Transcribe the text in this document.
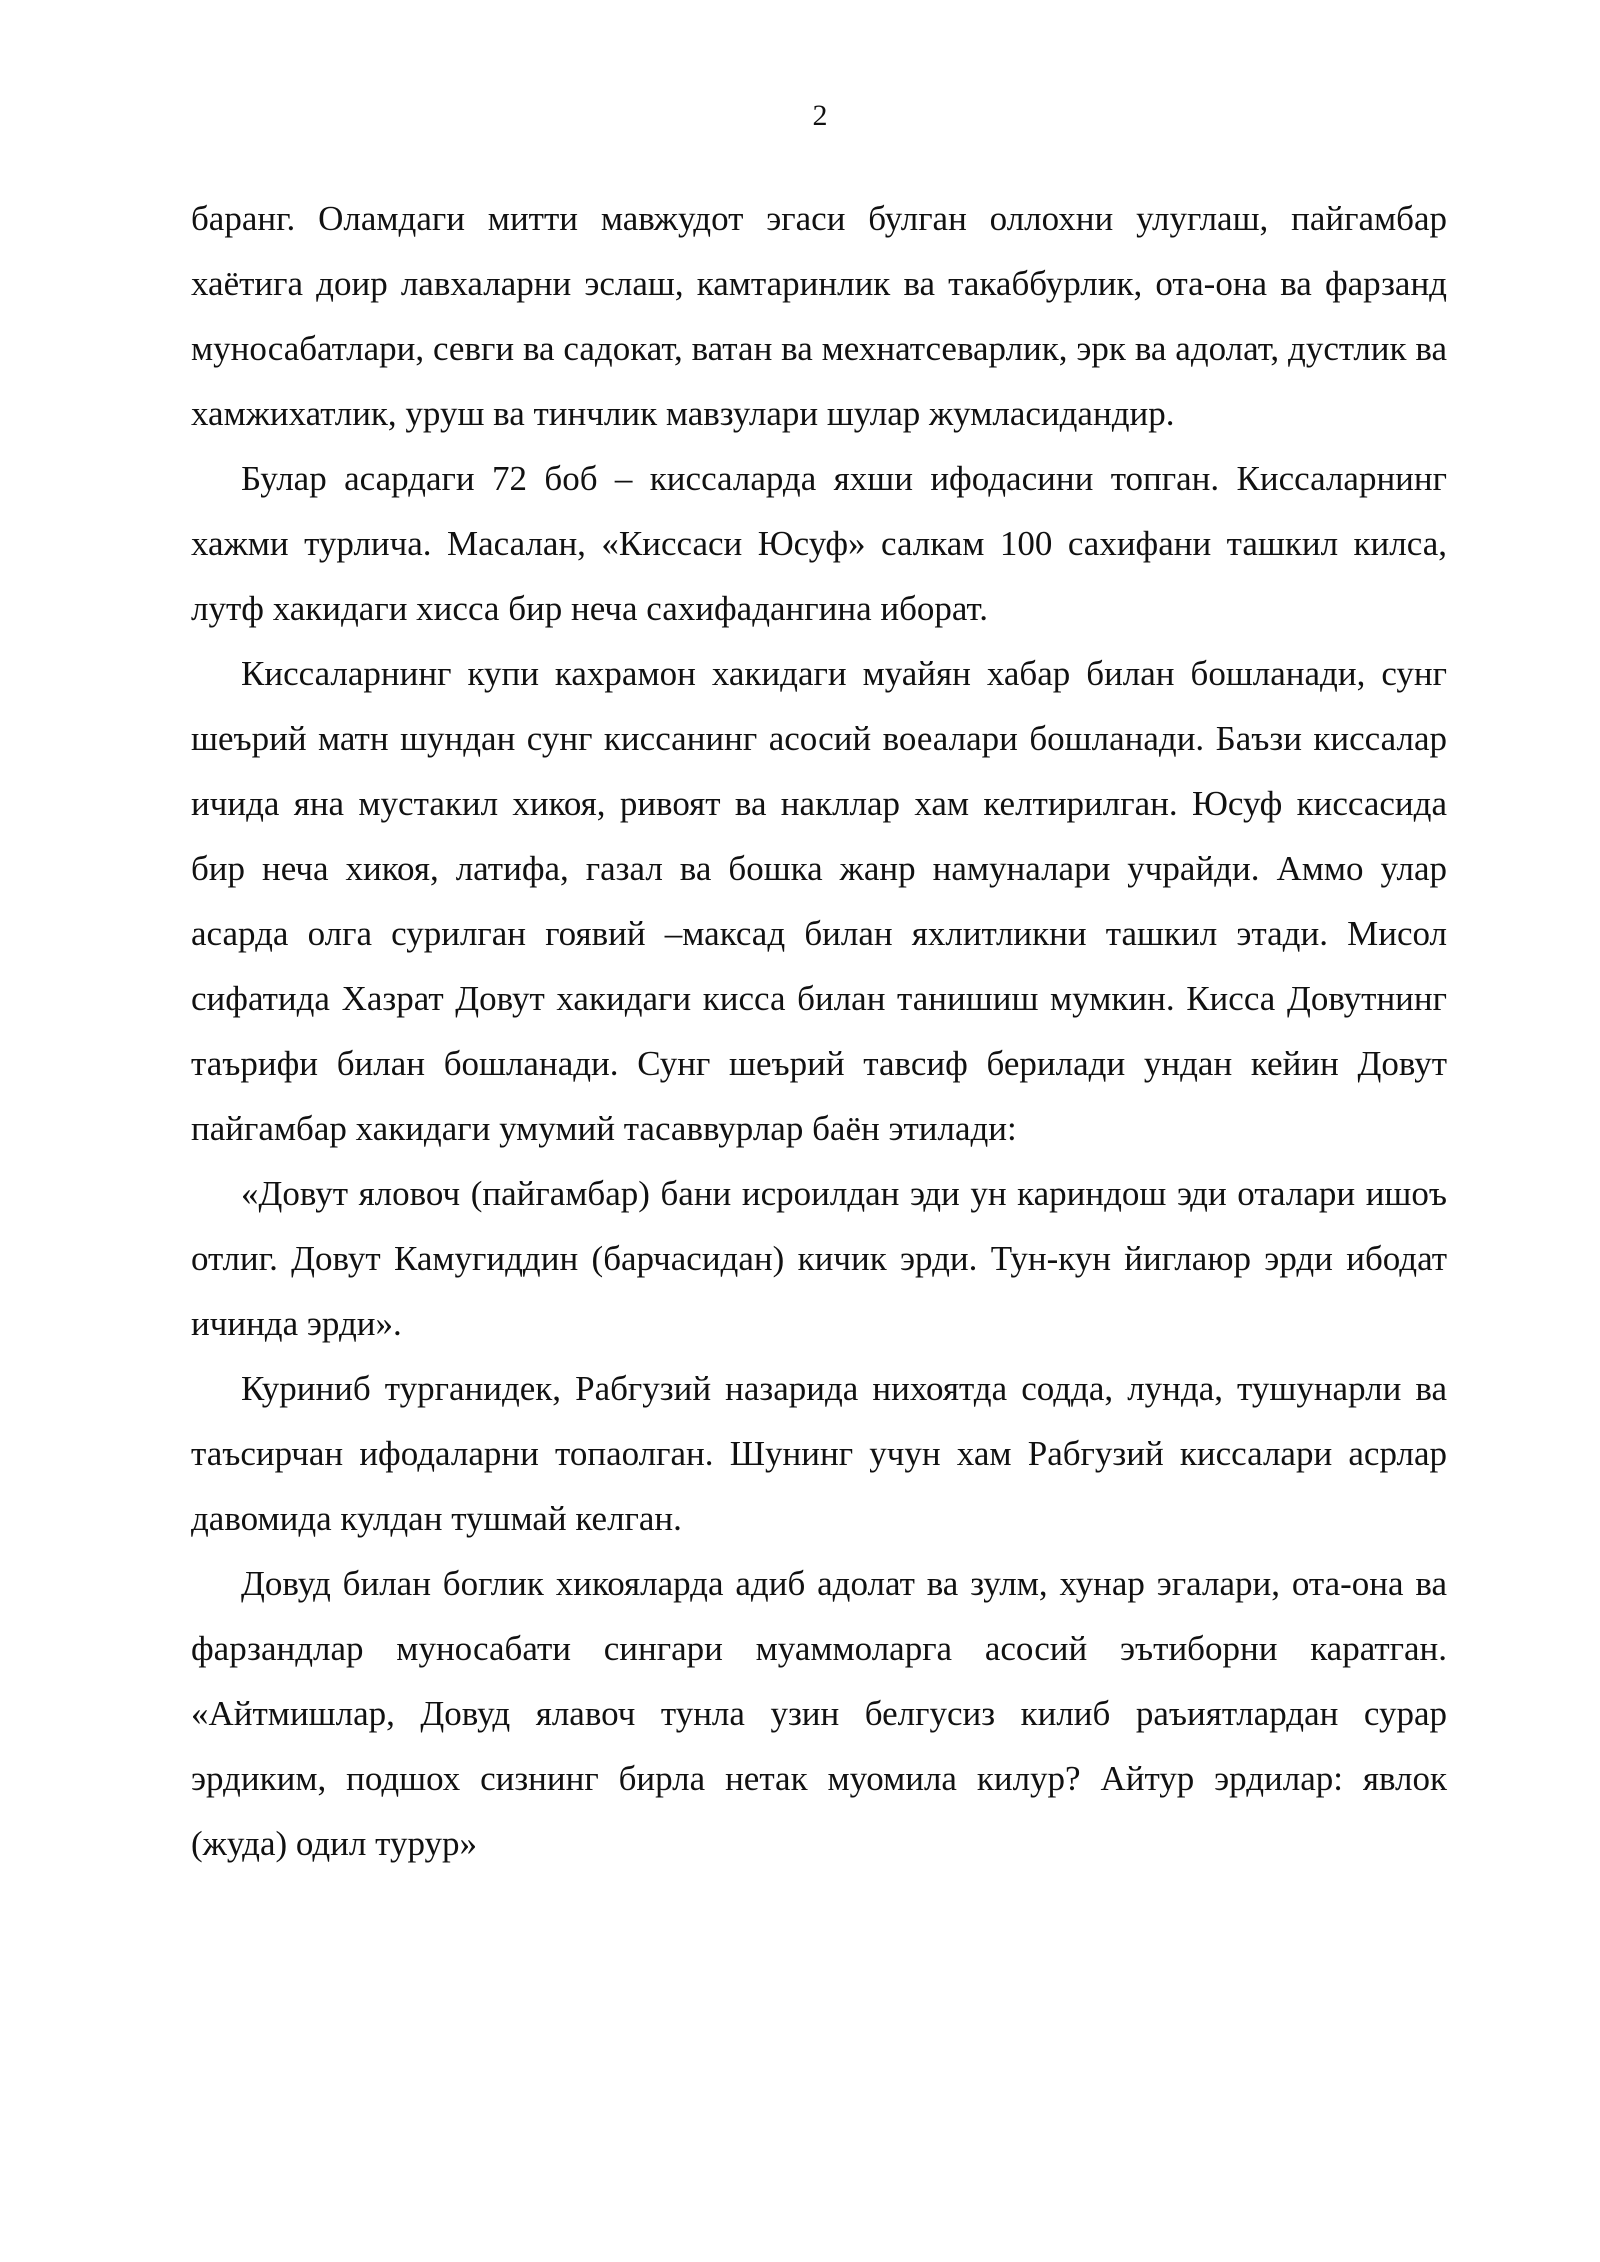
2

баранг. Оламдаги митти мавжудот эгаси булган оллохни улуглаш, пайгамбар хаётига доир лавхаларни эслаш, камтаринлик ва такаббурлик, ота-она ва фарзанд муносабатлари, севги ва садокат, ватан ва мехнатсеварлик, эрк ва адолат, дустлик ва хамжихатлик, уруш ва тинчлик мавзулари шулар жумласидандир.

Булар асардаги 72 боб – киссаларда яхши ифодасини топган. Киссаларнинг хажми турлича. Масалан, «Киссаси Юсуф» салкам 100 сахифани ташкил килса, лутф хакидаги хисса бир неча сахифадангина иборат.

Киссаларнинг купи кахрамон хакидаги муайян хабар билан бошланади, сунг шеърий матн шундан сунг киссанинг асосий воеалари бошланади. Баъзи киссалар ичида яна мустакил хикоя, ривоят ва накллар хам келтирилган. Юсуф киссасида бир неча хикоя, латифа, газал ва бошка жанр намуналари учрайди. Аммо улар асарда олга сурилган гоявий –максад билан яхлитликни ташкил этади. Мисол сифатида Хазрат Довут хакидаги кисса билан танишиш мумкин. Кисса Довутнинг таърифи билан бошланади. Сунг шеърий тавсиф берилади ундан кейин Довут пайгамбар хакидаги умумий тасаввурлар баён этилади:

«Довут яловоч (пайгамбар) бани исроилдан эди ун кариндош эди оталари ишоъ отлиг. Довут Камугиддин (барчасидан) кичик эрди. Тун-кун йиглаюр эрди ибодат ичинда эрди».

Куриниб турганидек, Рабгузий назарида нихоятда содда, лунда, тушунарли ва таъсирчан ифодаларни топаолган. Шунинг учун хам Рабгузий киссалари асрлар давомида кулдан тушмай келган.

Довуд билан боглик хикояларда адиб адолат ва зулм, хунар эгалари, ота-она ва фарзандлар муносабати сингари муаммоларга асосий эътиборни каратган. «Айтмишлар, Довуд ялавоч тунла узин белгусиз килиб раъиятлардан сурар эрдиким, подшох сизнинг бирла нетак муомила килур? Айтур эрдилар: явлок (жуда) одил турур»
